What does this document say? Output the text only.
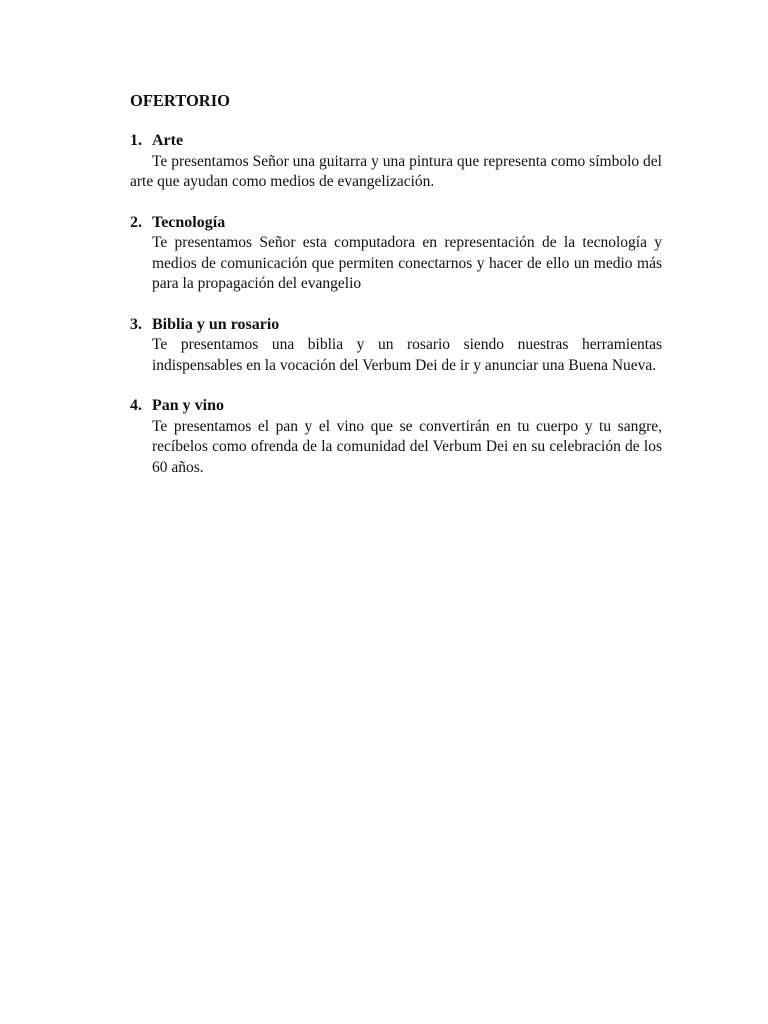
OFERTORIO
1. Arte
Te presentamos Señor una guitarra y una pintura que representa como símbolo del arte que ayudan como medios de evangelización.
2. Tecnología
Te presentamos Señor esta computadora en representación de la tecnología y medios de comunicación que permiten conectarnos y hacer de ello un medio más para la propagación del evangelio
3. Biblia y un rosario
Te presentamos una biblia y un rosario siendo nuestras herramientas indispensables en la vocación del Verbum Dei de ir y anunciar una Buena Nueva.
4. Pan y vino
Te presentamos el pan y el vino que se convertirán en tu cuerpo y tu sangre, recíbelos como ofrenda de la comunidad del Verbum Dei en su celebración de los 60 años.
